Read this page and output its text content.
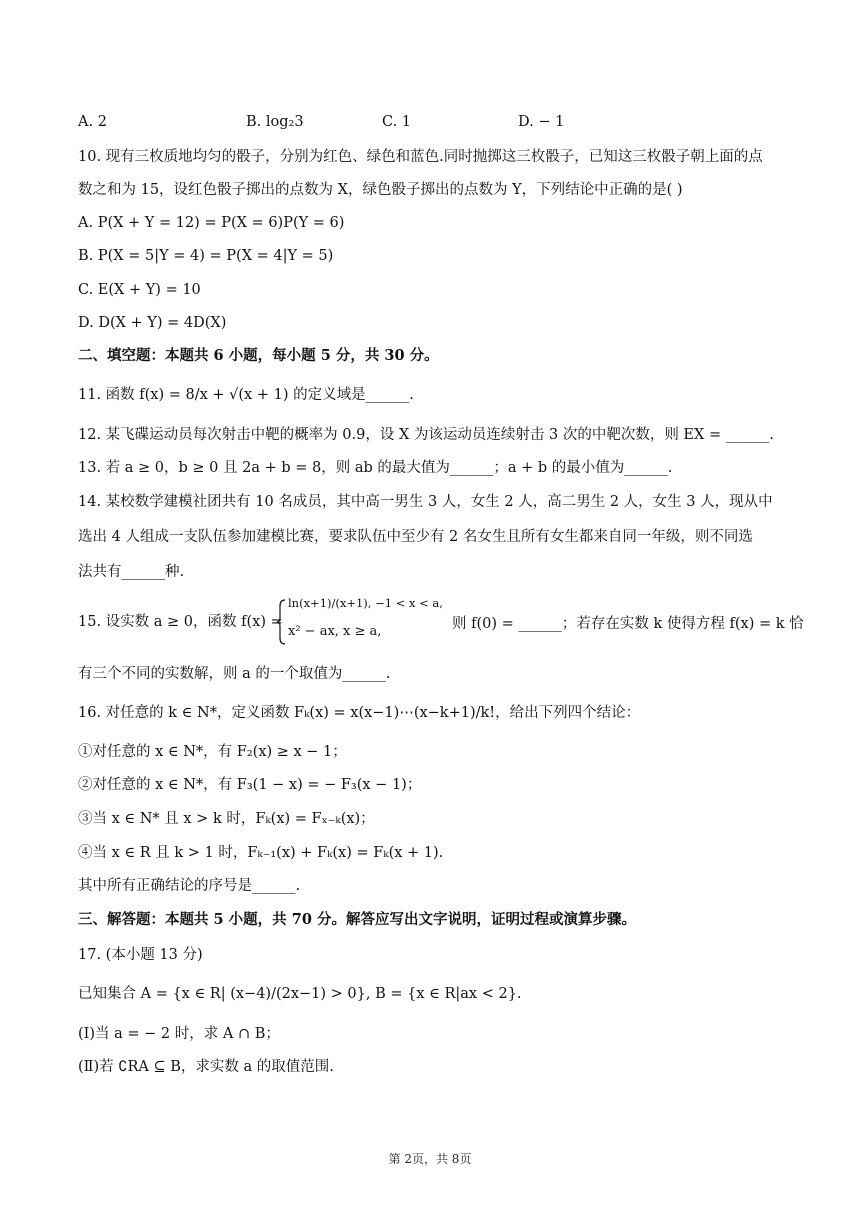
A. 2	B. log₂3	C. 1	D. − 1
10. 现有三枚质地均匀的骰子，分别为红色、绿色和蓝色.同时抛掷这三枚骰子，已知这三枚骰子朝上面的点
数之和为 15，设红色骰子掷出的点数为 X，绿色骰子掷出的点数为 Y，下列结论中正确的是( )
A. P(X + Y = 12) = P(X = 6)P(Y = 6)
B. P(X = 5|Y = 4) = P(X = 4|Y = 5)
C. E(X + Y) = 10
D. D(X + Y) = 4D(X)
二、填空题：本题共 6 小题，每小题 5 分，共 30 分。
11. 函数 f(x) = 8/x + √(x + 1) 的定义域是______.
12. 某飞碟运动员每次射击中靶的概率为 0.9，设 X 为该运动员连续射击 3 次的中靶次数，则 EX = ______.
13. 若 a ≥ 0，b ≥ 0 且 2a + b = 8，则 ab 的最大值为______；a + b 的最小值为______.
14. 某校数学建模社团共有 10 名成员，其中高一男生 3 人，女生 2 人，高二男生 2 人，女生 3 人，现从中
选出 4 人组成一支队伍参加建模比赛，要求队伍中至少有 2 名女生且所有女生都来自同一年级，则不同选
法共有______种.
15. 设实数 a ≥ 0，函数 f(x) =
ln(x+1)/(x+1), −1 < x < a,
x² − ax, x ≥ a,	则 f(0) = ______；若存在实数 k 使得方程 f(x) = k 恰
有三个不同的实数解，则 a 的一个取值为______.
16. 对任意的 k ∈ N*，定义函数 Fₖ(x) = x(x−1)⋯(x−k+1)/k!，给出下列四个结论：
①对任意的 x ∈ N*，有 F₂(x) ≥ x − 1；
②对任意的 x ∈ N*，有 F₃(1 − x) = − F₃(x − 1)；
③当 x ∈ N* 且 x > k 时，Fₖ(x) = Fₓ₋ₖ(x)；
④当 x ∈ R 且 k > 1 时，Fₖ₋₁(x) + Fₖ(x) = Fₖ(x + 1).
其中所有正确结论的序号是______.
三、解答题：本题共 5 小题，共 70 分。解答应写出文字说明，证明过程或演算步骤。
17. (本小题 13 分)
已知集合 A = {x ∈ R| (x−4)/(2x−1) > 0}, B = {x ∈ R|ax < 2}.
(I)当 a = − 2 时，求 A ∩ B；
(Ⅱ)若 ∁RA ⊆ B，求实数 a 的取值范围.
第 2页，共 8页
